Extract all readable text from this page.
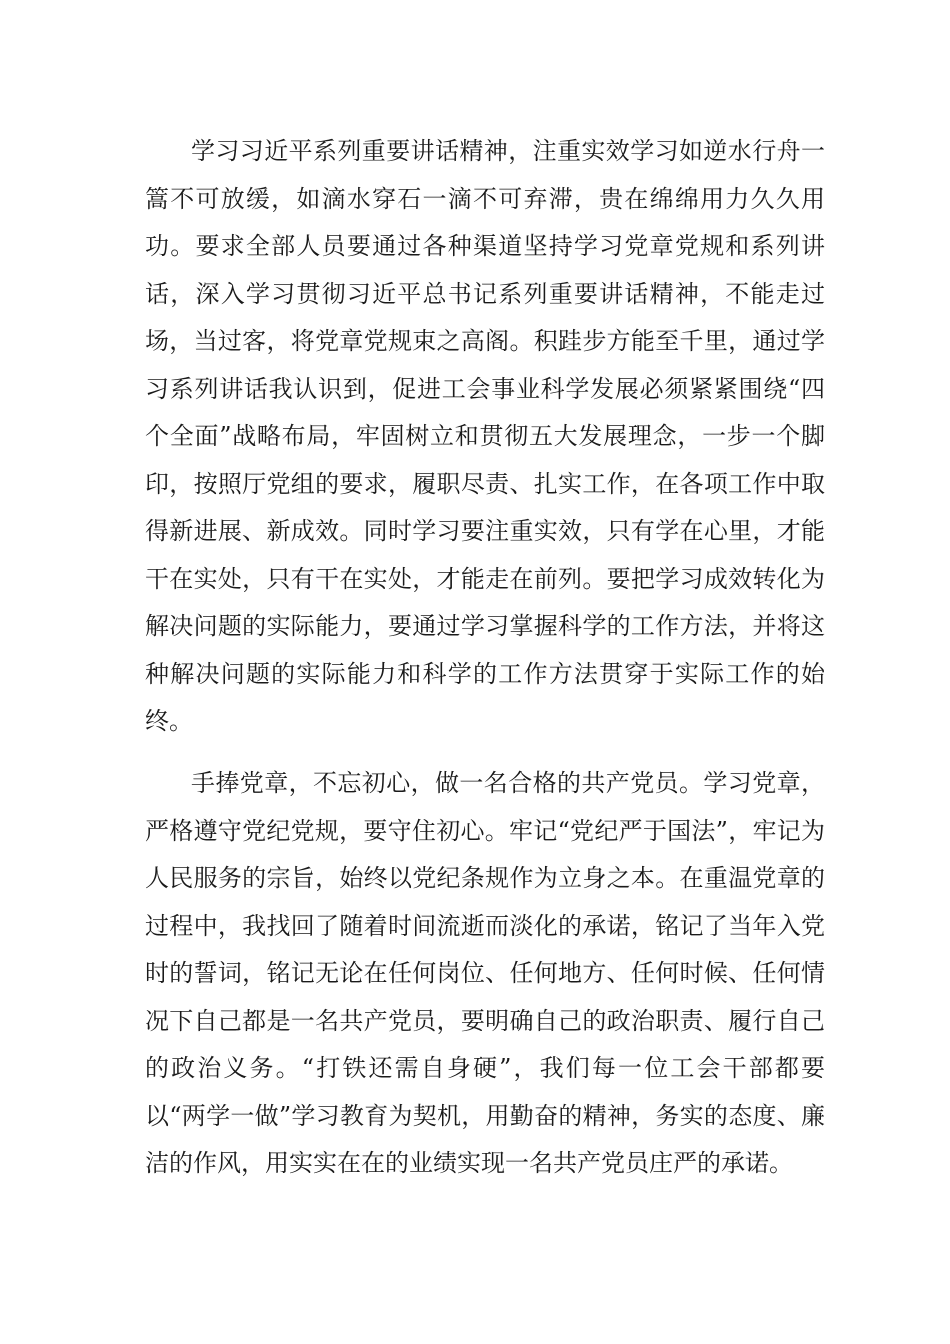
学习习近平系列重要讲话精神，注重实效学习如逆水行舟一篙不可放缓，如滴水穿石一滴不可弃滞，贵在绵绵用力久久用功。要求全部人员要通过各种渠道坚持学习党章党规和系列讲话，深入学习贯彻习近平总书记系列重要讲话精神，不能走过场，当过客，将党章党规束之高阁。积跬步方能至千里，通过学习系列讲话我认识到，促进工会事业科学发展必须紧紧围绕“四个全面”战略布局，牢固树立和贯彻五大发展理念，一步一个脚印，按照厅党组的要求，履职尽责、扎实工作，在各项工作中取得新进展、新成效。同时学习要注重实效，只有学在心里，才能干在实处，只有干在实处，才能走在前列。要把学习成效转化为解决问题的实际能力，要通过学习掌握科学的工作方法，并将这种解决问题的实际能力和科学的工作方法贯穿于实际工作的始终。

手捧党章，不忘初心，做一名合格的共产党员。学习党章，严格遵守党纪党规，要守住初心。牢记“党纪严于国法”，牢记为人民服务的宗旨，始终以党纪条规作为立身之本。在重温党章的过程中，我找回了随着时间流逝而淡化的承诺，铭记了当年入党时的誓词，铭记无论在任何岗位、任何地方、任何时候、任何情况下自己都是一名共产党员，要明确自己的政治职责、履行自己的政治义务。“打铁还需自身硬”，我们每一位工会干部都要以“两学一做”学习教育为契机，用勤奋的精神，务实的态度、廉洁的作风，用实实在在的业绩实现一名共产党员庄严的承诺。
